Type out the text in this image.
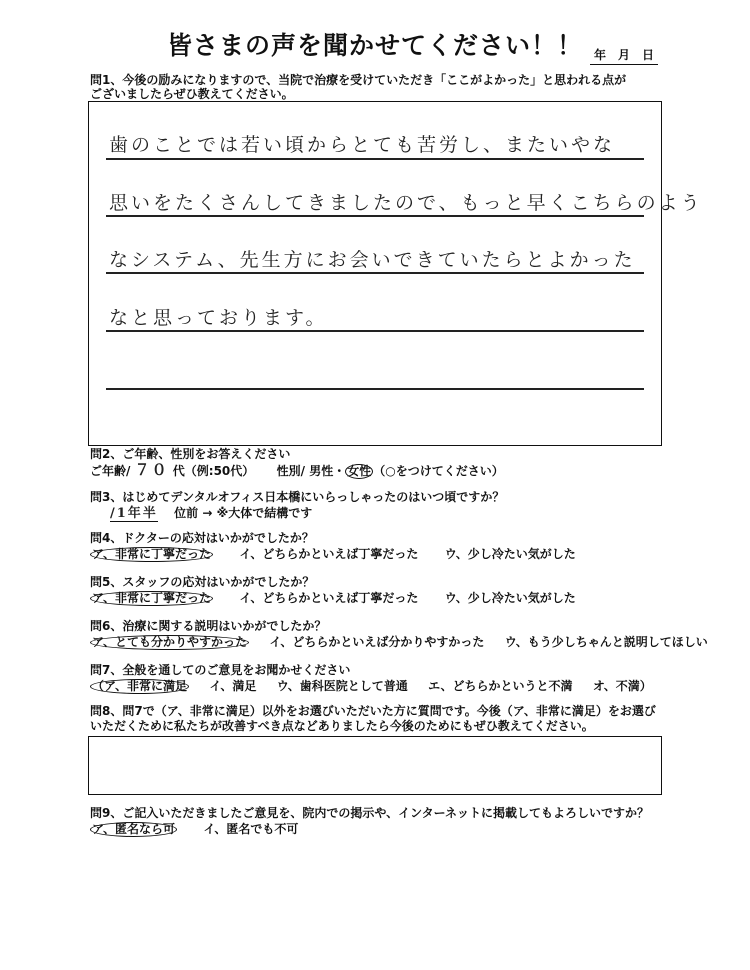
皆さまの声を聞かせてください！！ 年　月　日
問1、今後の励みになりますので、当院で治療を受けていただき「ここがよかった」と思われる点が
ございましたらぜひ教えてください。
歯のことでは若い頃からとても苦労し、またいやな
思いをたくさんしてきましたので、もっと早くこちらのよう
なシステム、先生方にお会いできていたらとよかった
なと思っております。
問2、ご年齢、性別をお答えください
ご年齢/ ７０ 代（例:50代） 性別/ 男性・ 女性 （○をつけてください）
問3、はじめてデンタルオフィス日本橋にいらっしゃったのはいつ頃ですか？
/1年半 位前 → ※大体で結構です
問4、ドクターの応対はいかがでしたか？
ア、非常に丁寧だった イ、どちらかといえば丁寧だった ウ、少し冷たい気がした
問5、スタッフの応対はいかがでしたか？
ア、非常に丁寧だった イ、どちらかといえば丁寧だった ウ、少し冷たい気がした
問6、治療に関する説明はいかがでしたか？
ア、とても分かりやすかった イ、どちらかといえば分かりやすかった ウ、もう少しちゃんと説明してほしい
問7、全般を通してのご意見をお聞かせください
（ア、非常に満足 イ、満足 ウ、歯科医院として普通 エ、どちらかというと不満 オ、不満）
問8、問7で（ア、非常に満足）以外をお選びいただいた方に質問です。今後（ア、非常に満足）をお選び
いただくために私たちが改善すべき点などありましたら今後のためにもぜひ教えてください。
問9、ご記入いただきましたご意見を、院内での掲示や、インターネットに掲載してもよろしいですか？
ア、匿名なら可 イ、匿名でも不可
